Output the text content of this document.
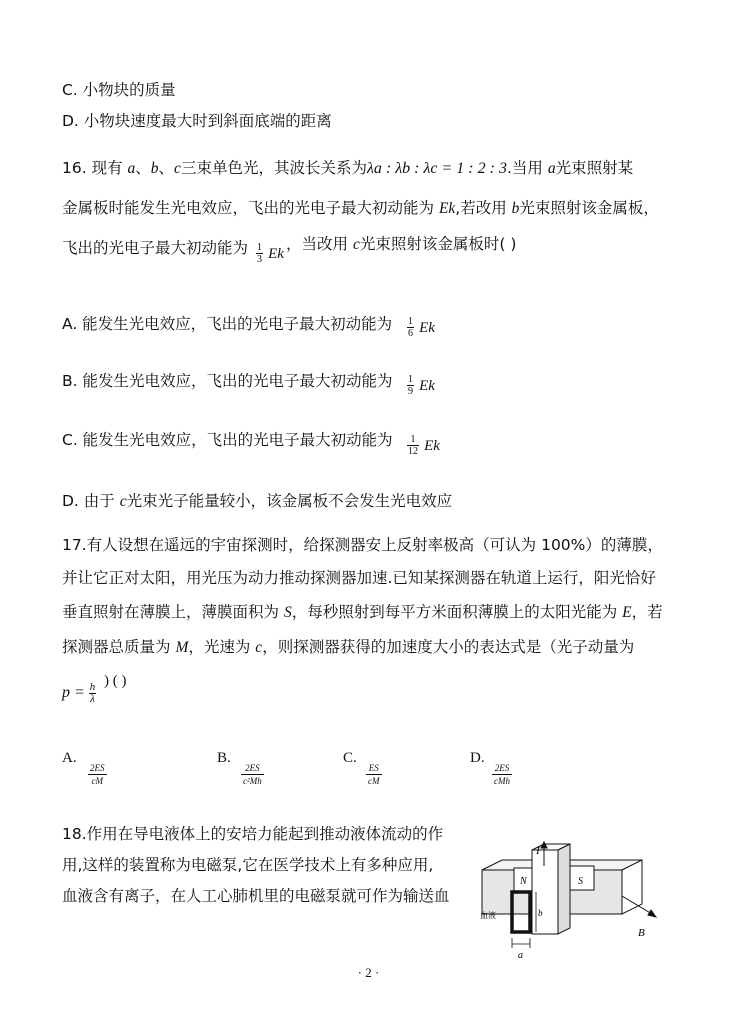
C. 小物块的质量
D. 小物块速度最大时到斜面底端的距离
16. 现有 a、b、c三束单色光，其波长关系为λa : λb : λc = 1 : 2 : 3.当用 a光束照射某
金属板时能发生光电效应，飞出的光电子最大初动能为 Ek,若改用 b光束照射该金属板，
飞出的光电子最大初动能为 $\frac{1}{3}$ Ek
，当改用 c光束照射该金属板时( )
A. 能发生光电效应，飞出的光电子最大初动能为 $\frac{1}{6}$ Ek
B. 能发生光电效应，飞出的光电子最大初动能为 $\frac{1}{9}$ Ek
C. 能发生光电效应，飞出的光电子最大初动能为 $\frac{1}{12}$ Ek
D. 由于 c光束光子能量较小，该金属板不会发生光电效应
17.有人设想在遥远的宇宙探测时，给探测器安上反射率极高（可认为 100%）的薄膜，
并让它正对太阳，用光压为动力推动探测器加速.已知某探测器在轨道上运行，阳光恰好
垂直照射在薄膜上，薄膜面积为 S，每秒照射到每平方米面积薄膜上的太阳光能为 E，若
探测器总质量为 M，光速为 c，则探测器获得的加速度大小的表达式是（光子动量为
$p = \frac{h}{\lambda}$
) ( )
A.
$\frac{2ES}{cM}$
B.
$\frac{2ES}{\text{c²Mh}}$
C.
$\frac{ES}{cM}$
D.
2ES
cMh
18.作用在导电液体上的安培力能起到推动液体流动的作
用,这样的装置称为电磁泵,它在医学技术上有多种应用,
血液含有离子，在人工心肺机里的电磁泵就可作为输送血
I
N	S
B
血液
a
b
· 2 ·
